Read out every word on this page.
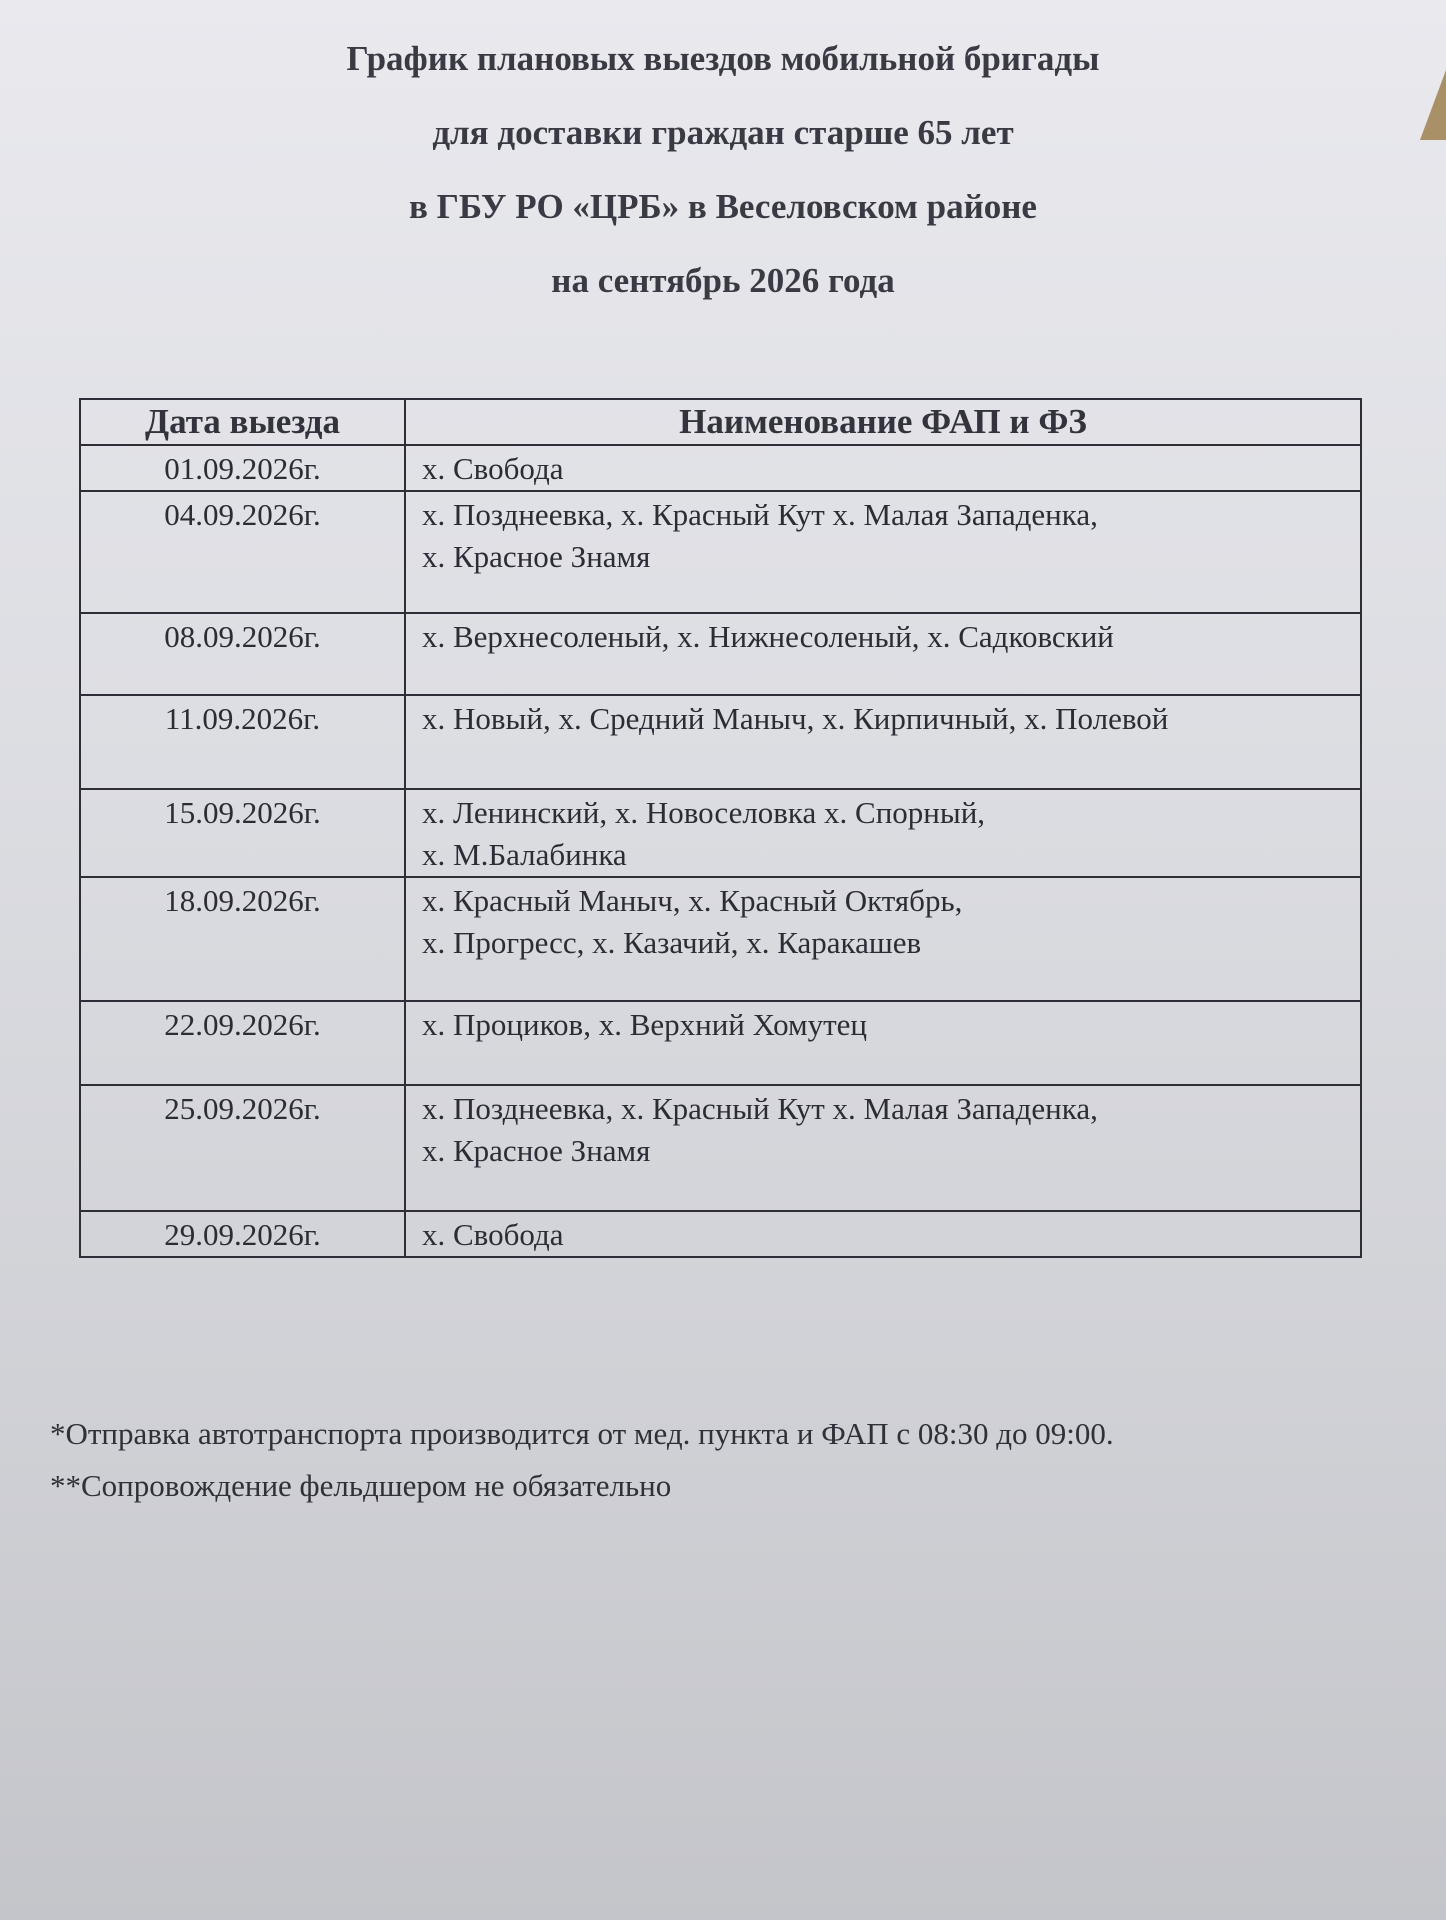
График плановых выездов мобильной бригады
для доставки граждан старше 65 лет
в ГБУ РО «ЦРБ» в Веселовском районе
на сентябрь 2026 года
Дата выезда	Наименование ФАП и ФЗ
01.09.2026г.	х. Свобода

04.09.2026г.	х. Позднеевка, х. Красный Кут х. Малая Западенка,
х. Красное Знамя

08.09.2026г.	х. Верхнесоленый, х. Нижнесоленый, х. Садковский

11.09.2026г.	х. Новый, х. Средний Маныч, х. Кирпичный, х. Полевой

15.09.2026г.	х. Ленинский, х. Новоселовка х. Спорный,
х. М.Балабинка

18.09.2026г.	х. Красный Маныч, х. Красный Октябрь,
х. Прогресс, х. Казачий, х. Каракашев

22.09.2026г.	х. Проциков, х. Верхний Хомутец

25.09.2026г.	х. Позднеевка, х. Красный Кут х. Малая Западенка,
х. Красное Знамя

29.09.2026г.	х. Свобода
*Отправка автотранспорта производится от мед. пункта и ФАП с 08:30 до 09:00.
**Сопровождение фельдшером не обязательно
